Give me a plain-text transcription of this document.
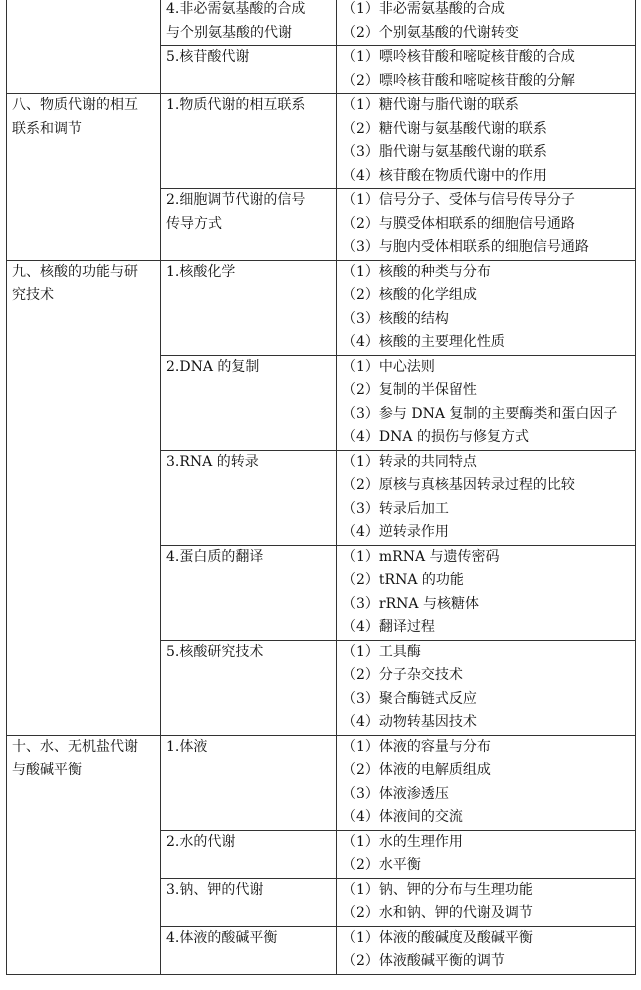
	4.非必需氨基酸的合成
与个别氨基酸的代谢	（1）非必需氨基酸的合成
（2）个别氨基酸的代谢转变

	5.核苷酸代谢	（1）嘌呤核苷酸和嘧啶核苷酸的合成
（2）嘌呤核苷酸和嘧啶核苷酸的分解

八、物质代谢的相互
联系和调节	1.物质代谢的相互联系	（1）糖代谢与脂代谢的联系
（2）糖代谢与氨基酸代谢的联系
（3）脂代谢与氨基酸代谢的联系
（4）核苷酸在物质代谢中的作用

	2.细胞调节代谢的信号
传导方式	（1）信号分子、受体与信号传导分子
（2）与膜受体相联系的细胞信号通路
（3）与胞内受体相联系的细胞信号通路

九、核酸的功能与研
究技术	1.核酸化学	（1）核酸的种类与分布
（2）核酸的化学组成
（3）核酸的结构
（4）核酸的主要理化性质

	2.DNA 的复制	（1）中心法则
（2）复制的半保留性
（3）参与 DNA 复制的主要酶类和蛋白因子
（4）DNA 的损伤与修复方式

	3.RNA 的转录	（1）转录的共同特点
（2）原核与真核基因转录过程的比较
（3）转录后加工
（4）逆转录作用

	4.蛋白质的翻译	（1）mRNA 与遗传密码
（2）tRNA 的功能
（3）rRNA 与核糖体
（4）翻译过程

	5.核酸研究技术	（1）工具酶
（2）分子杂交技术
（3）聚合酶链式反应
（4）动物转基因技术

十、水、无机盐代谢
与酸碱平衡	1.体液	（1）体液的容量与分布
（2）体液的电解质组成
（3）体液渗透压
（4）体液间的交流

	2.水的代谢	（1）水的生理作用
（2）水平衡

	3.钠、钾的代谢	（1）钠、钾的分布与生理功能
（2）水和钠、钾的代谢及调节

	4.体液的酸碱平衡	（1）体液的酸碱度及酸碱平衡
（2）体液酸碱平衡的调节
